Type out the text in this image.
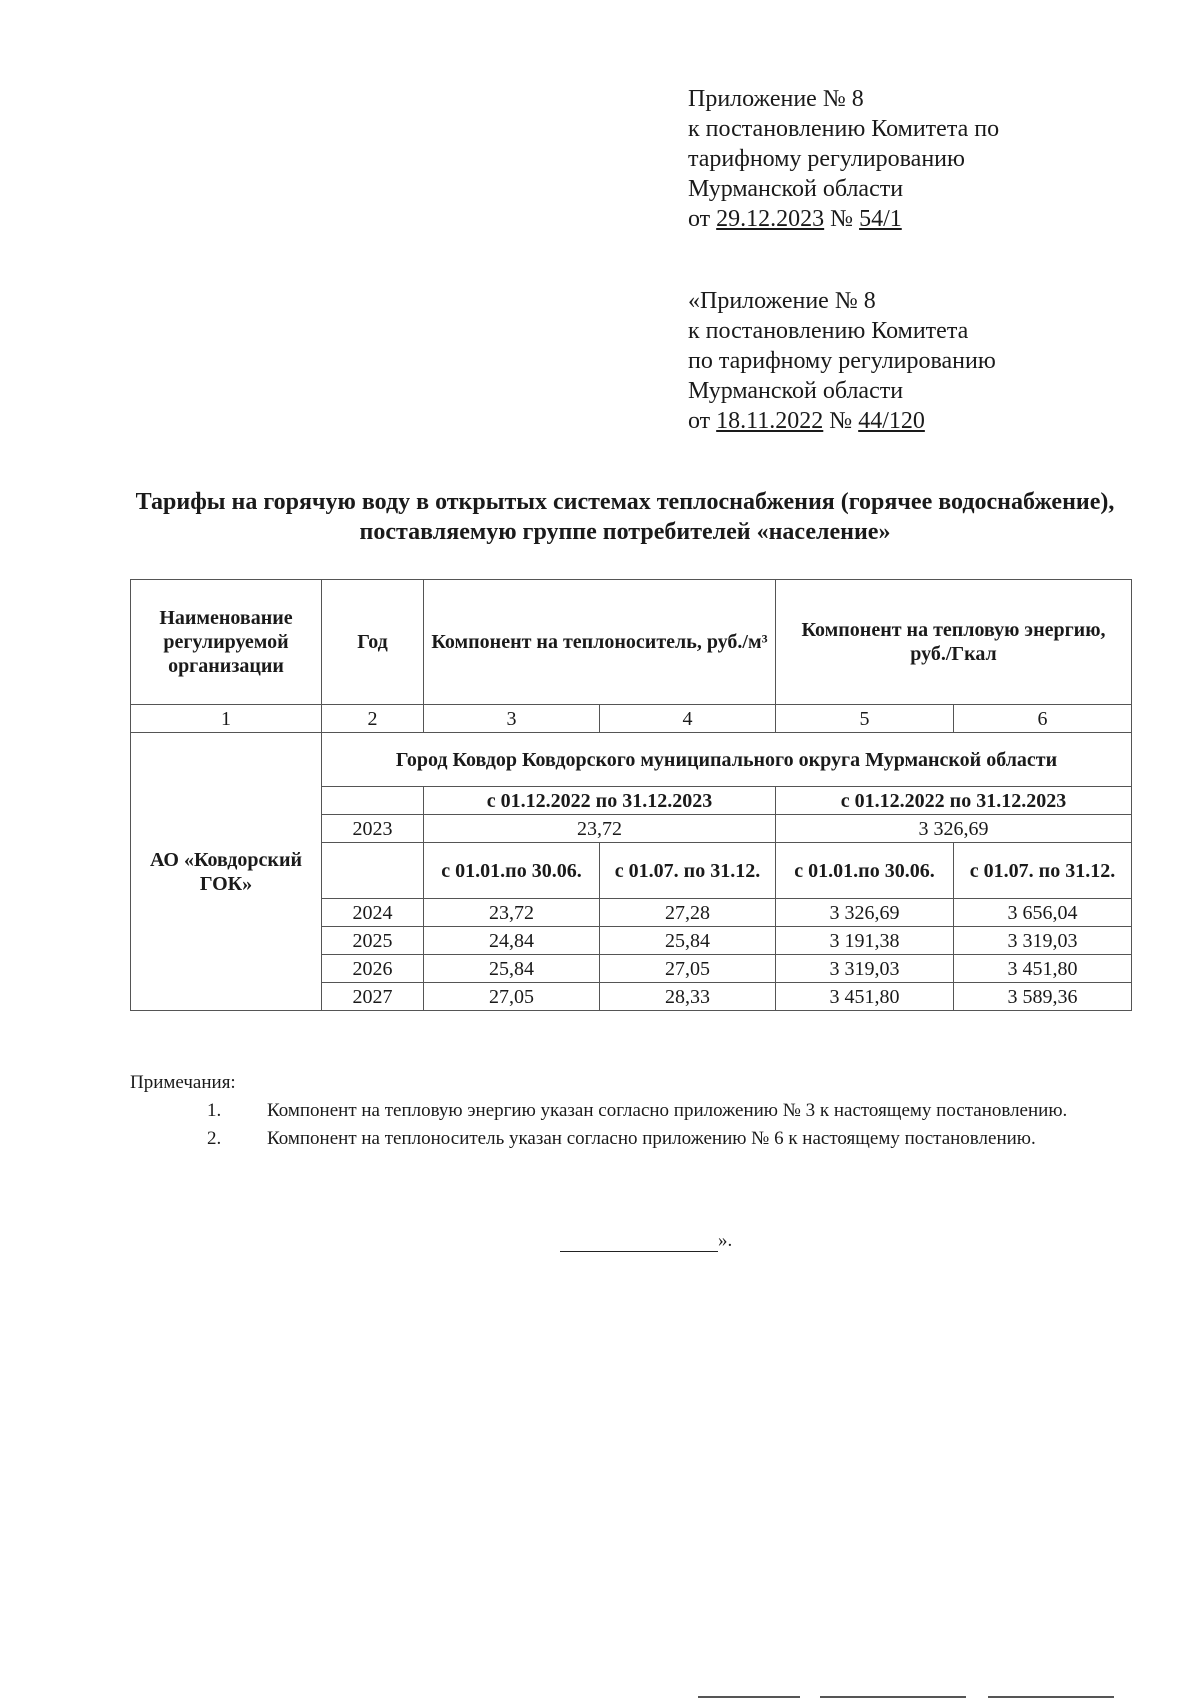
Приложение № 8
к постановлению Комитета по
тарифному регулированию
Мурманской области
от 29.12.2023 № 54/1
«Приложение № 8
к постановлению Комитета
по тарифному регулированию
Мурманской области
от 18.11.2022 № 44/120
Тарифы на горячую воду в открытых системах теплоснабжения (горячее водоснабжение), поставляемую группе потребителей «население»
Наименование регулируемой организации	Год	Компонент на теплоноситель, руб./м³		Компонент на тепловую энергию, руб./Гкал	
1	2	3	4	5	6
АО «Ковдорский ГОК»	Город Ковдор Ковдорского муниципального округа Мурманской области				
		с 01.12.2022 по 31.12.2023		с 01.12.2022 по 31.12.2023	
	2023	23,72		3 326,69	
		с 01.01.по 30.06.	с 01.07. по 31.12.	с 01.01.по 30.06.	с 01.07. по 31.12.
	2024	23,72	27,28	3 326,69	3 656,04
	2025	24,84	25,84	3 191,38	3 319,03
	2026	25,84	27,05	3 319,03	3 451,80
	2027	27,05	28,33	3 451,80	3 589,36

Примечания:

1. Компонент на тепловую энергию указан согласно приложению № 3 к настоящему постановлению.

2. Компонент на теплоноситель указан согласно приложению № 6 к настоящему постановлению.

».
